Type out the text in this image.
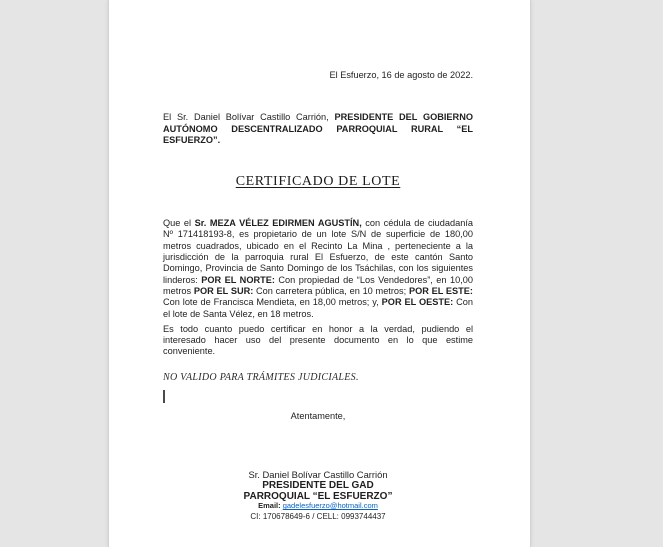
El Esfuerzo, 16 de agosto de 2022.

El Sr. Daniel Bolívar Castillo Carrión, PRESIDENTE DEL GOBIERNO AUTÓNOMO DESCENTRALIZADO PARROQUIAL RURAL “EL ESFUERZO”.

CERTIFICADO DE LOTE

Que el Sr. MEZA VÉLEZ EDIRMEN AGUSTÍN, con cédula de ciudadanía Nº 171418193-8, es propietario de un lote S/N de superficie de 180,00 metros cuadrados, ubicado en el Recinto La Mina , perteneciente a la jurisdicción de la parroquia rural El Esfuerzo, de este cantón Santo Domingo, Provincia de Santo Domingo de los Tsáchilas, con los siguientes linderos: POR EL NORTE: Con propiedad de “Los Vendedores”, en 10,00 metros POR EL SUR: Con carretera pública, en 10 metros; POR EL ESTE: Con lote de Francisca Mendieta, en 18,00 metros; y, POR EL OESTE: Con el lote de Santa Vélez, en 18 metros.

Es todo cuanto puedo certificar en honor a la verdad, pudiendo el interesado hacer uso del presente documento en lo que estime conveniente.

NO VALIDO PARA TRÁMITES JUDICIALES.

Atentamente,

Sr. Daniel Bolívar Castillo Carrión
PRESIDENTE DEL GAD
PARROQUIAL “EL ESFUERZO”
Email: gadelesfuerzo@hotmail.com
CI: 170678649-6 / CELL: 0993744437
